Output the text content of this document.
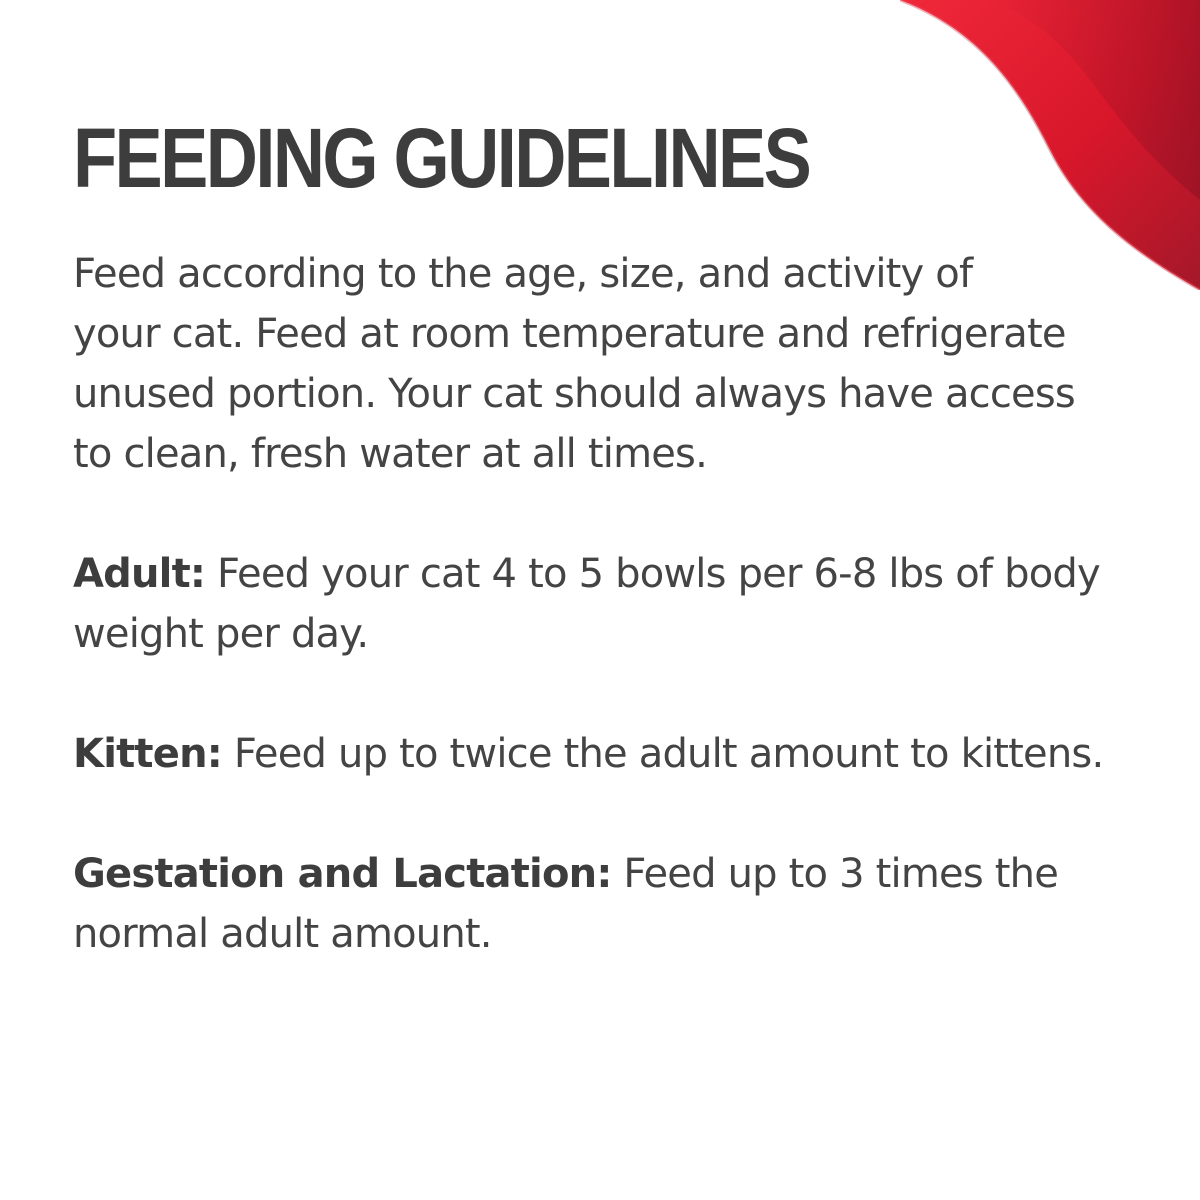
FEEDING GUIDELINES

Feed according to the age, size, and activity of
your cat. Feed at room temperature and refrigerate
unused portion. Your cat should always have access
to clean, fresh water at all times.

Adult: Feed your cat 4 to 5 bowls per 6-8 lbs of body
weight per day.

Kitten: Feed up to twice the adult amount to kittens.

Gestation and Lactation: Feed up to 3 times the
normal adult amount.
